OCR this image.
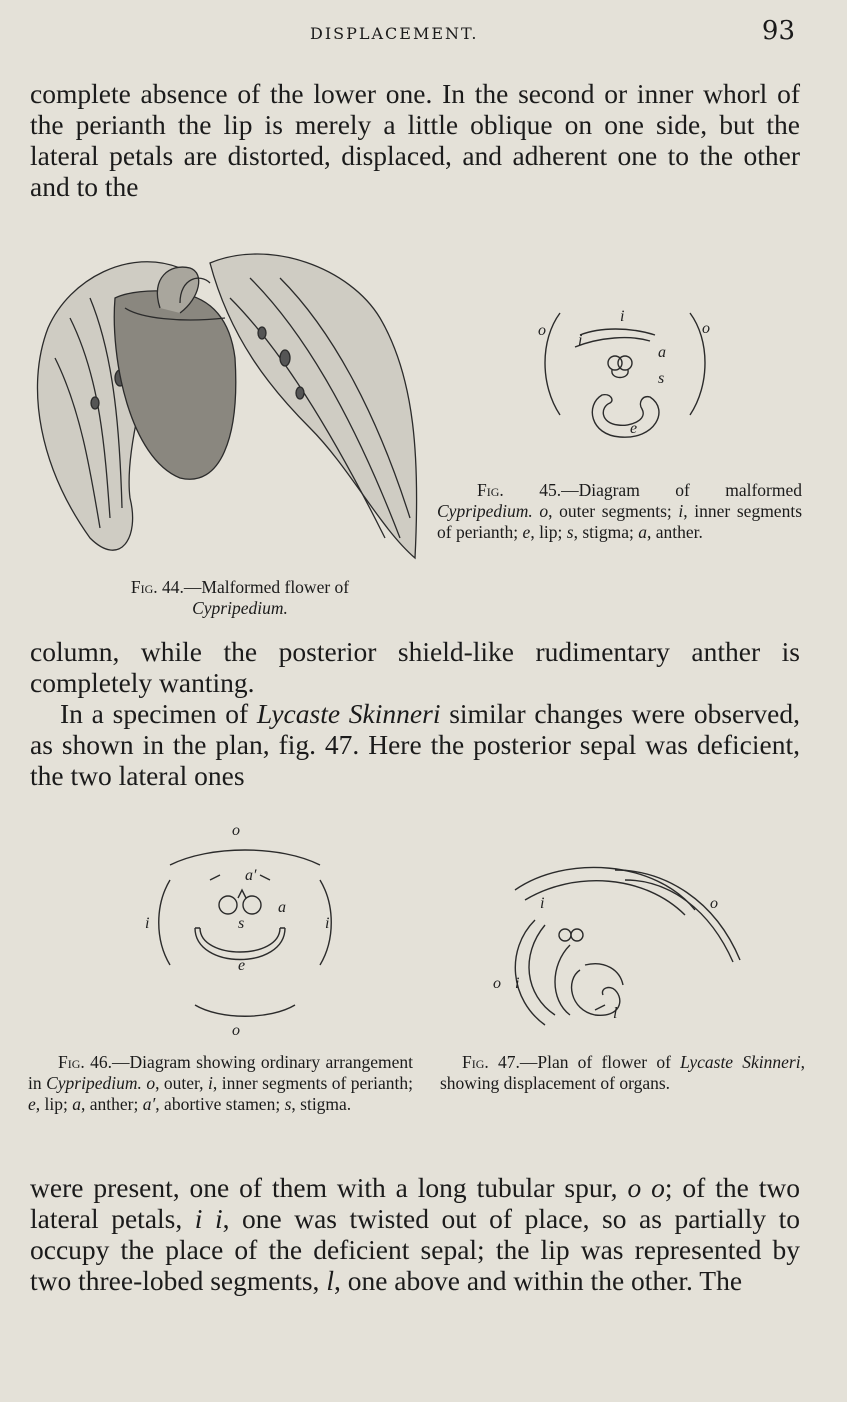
DISPLACEMENT.	93

complete absence of the lower one. In the second or inner whorl of the perianth the lip is merely a little oblique on one side, but the lateral petals are distorted, displaced, and adherent one to the other and to the

Fig. 44.—Malformed flower of
Cypripedium.
o	o
i
i
a
s
e
Fig. 45.—Diagram of malformed Cypripedium. o, outer segments; i, inner segments of perianth; e, lip; s, stigma; a, anther.

column, while the posterior shield-like rudimentary anther is completely wanting.

In a specimen of Lycaste Skinneri similar changes were observed, as shown in the plan, fig. 47. Here the posterior sepal was deficient, the two lateral ones

o
o
i	i
a′
a
s
e
Fig. 46.—Diagram showing ordinary arrangement in Cypripedium. o, outer, i, inner segments of perianth; e, lip; a, anther; a′, abortive stamen; s, stigma.
i	o
o i
l
Fig. 47.—Plan of flower of Lycaste Skinneri, showing displacement of organs.

were present, one of them with a long tubular spur, o o; of the two lateral petals, i i, one was twisted out of place, so as partially to occupy the place of the deficient sepal; the lip was represented by two three-lobed segments, l, one above and within the other. The
